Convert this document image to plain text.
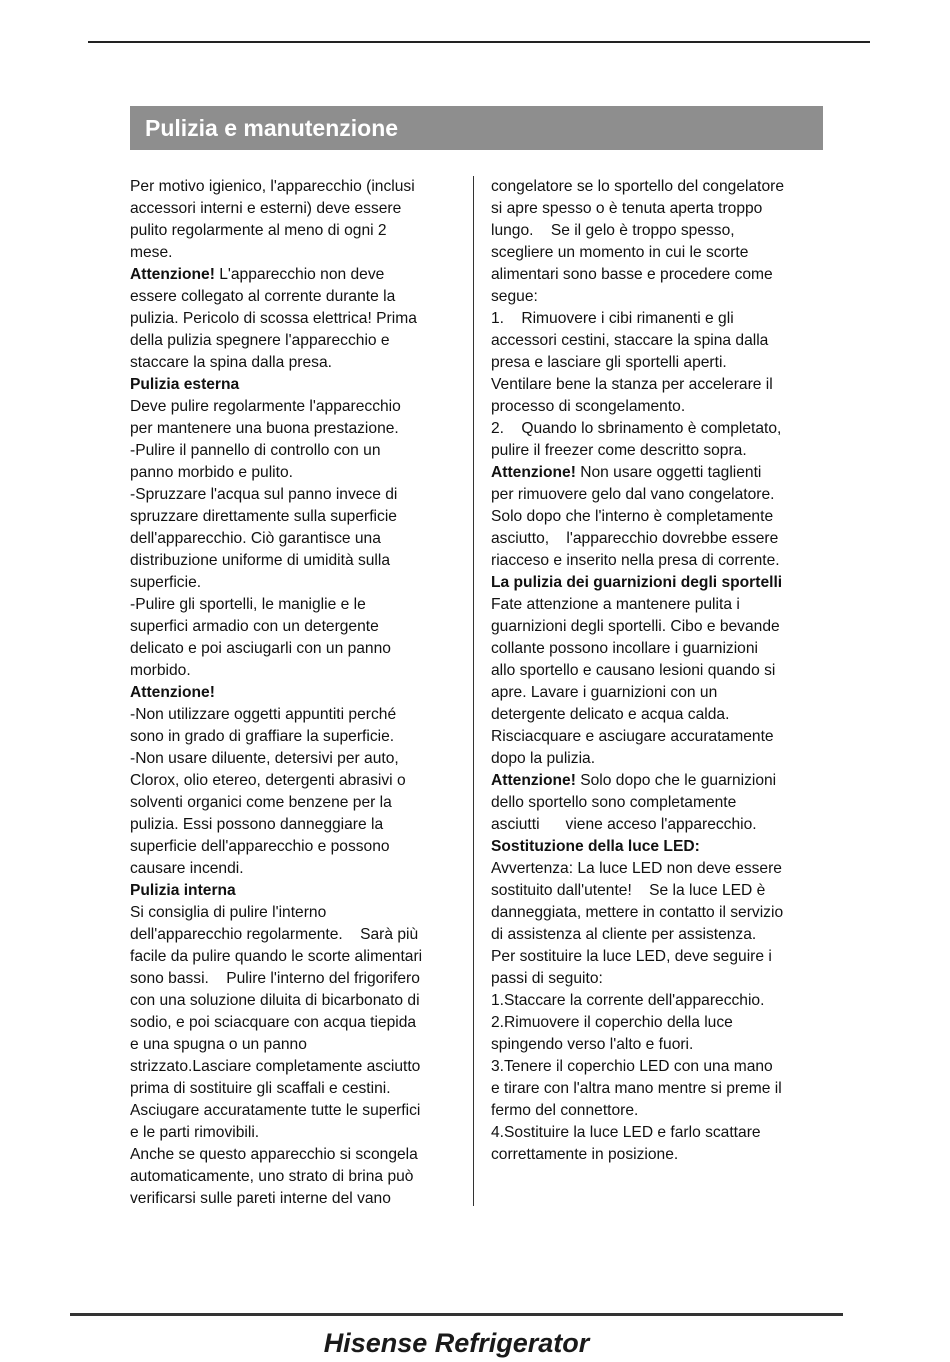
Pulizia e manutenzione
Per motivo igienico, l'apparecchio (inclusi
accessori interni e esterni) deve essere
pulito regolarmente al meno di ogni 2
mese.
Attenzione! L'apparecchio non deve
essere collegato al corrente durante la
pulizia. Pericolo di scossa elettrica! Prima
della pulizia spegnere l'apparecchio e
staccare la spina dalla presa.
Pulizia esterna
Deve pulire regolarmente l'apparecchio
per mantenere una buona prestazione.
-Pulire il pannello di controllo con un
panno morbido e pulito.
-Spruzzare l'acqua sul panno invece di
spruzzare direttamente sulla superficie
dell'apparecchio. Ciò garantisce una
distribuzione uniforme di umidità sulla
superficie.
-Pulire gli sportelli, le maniglie e le
superfici armadio con un detergente
delicato e poi asciugarli con un panno
morbido.
Attenzione!
-Non utilizzare oggetti appuntiti perché
sono in grado di graffiare la superficie.
-Non usare diluente, detersivi per auto,
Clorox, olio etereo, detergenti abrasivi o
solventi organici come benzene per la
pulizia. Essi possono danneggiare la
superficie dell'apparecchio e possono
causare incendi.
Pulizia interna
Si consiglia di pulire l'interno
dell'apparecchio regolarmente.    Sarà più
facile da pulire quando le scorte alimentari
sono bassi.    Pulire l'interno del frigorifero
con una soluzione diluita di bicarbonato di
sodio, e poi sciacquare con acqua tiepida
e una spugna o un panno
strizzato.Lasciare completamente asciutto
prima di sostituire gli scaffali e cestini.
Asciugare accuratamente tutte le superfici
e le parti rimovibili.
Anche se questo apparecchio si scongela
automaticamente, uno strato di brina può
verificarsi sulle pareti interne del vano
congelatore se lo sportello del congelatore
si apre spesso o è tenuta aperta troppo
lungo.    Se il gelo è troppo spesso,
scegliere un momento in cui le scorte
alimentari sono basse e procedere come
segue:
1.    Rimuovere i cibi rimanenti e gli
accessori cestini, staccare la spina dalla
presa e lasciare gli sportelli aperti.
Ventilare bene la stanza per accelerare il
processo di scongelamento.
2.    Quando lo sbrinamento è completato,
pulire il freezer come descritto sopra.
Attenzione! Non usare oggetti taglienti
per rimuovere gelo dal vano congelatore.
Solo dopo che l'interno è completamente
asciutto,    l'apparecchio dovrebbe essere
riacceso e inserito nella presa di corrente.
La pulizia dei guarnizioni degli sportelli
Fate attenzione a mantenere pulita i
guarnizioni degli sportelli. Cibo e bevande
collante possono incollare i guarnizioni
allo sportello e causano lesioni quando si
apre. Lavare i guarnizioni con un
detergente delicato e acqua calda.
Risciacquare e asciugare accuratamente
dopo la pulizia.
Attenzione! Solo dopo che le guarnizioni
dello sportello sono completamente
asciutti      viene acceso l'apparecchio.
Sostituzione della luce LED:
Avvertenza: La luce LED non deve essere
sostituito dall'utente!    Se la luce LED è
danneggiata, mettere in contatto il servizio
di assistenza al cliente per assistenza.
Per sostituire la luce LED, deve seguire i
passi di seguito:
1.Staccare la corrente dell'apparecchio.
2.Rimuovere il coperchio della luce
spingendo verso l'alto e fuori.
3.Tenere il coperchio LED con una mano
e tirare con l'altra mano mentre si preme il
fermo del connettore.
4.Sostituire la luce LED e farlo scattare
correttamente in posizione.
Hisense Refrigerator
